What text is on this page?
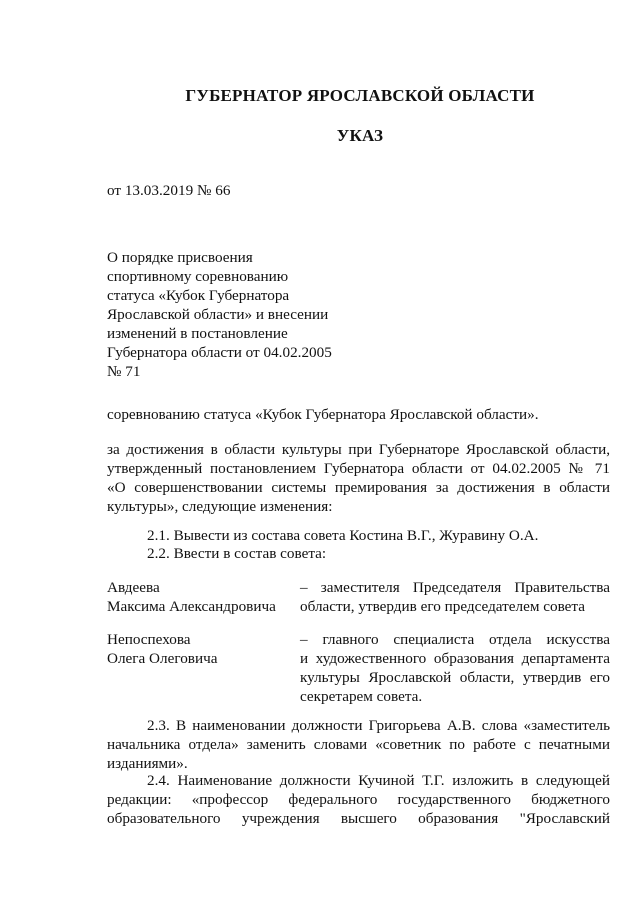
ГУБЕРНАТОР ЯРОСЛАВСКОЙ ОБЛАСТИ
УКАЗ
от 13.03.2019 № 66
О порядке присвоения
спортивному соревнованию
статуса «Кубок Губернатора
Ярославской области» и внесении
изменений в постановление
Губернатора области от 04.02.2005
№ 71
соревнованию статуса «Кубок Губернатора Ярославской области».
за достижения в области культуры при Губернаторе Ярославской области,
утвержденный постановлением Губернатора области от 04.02.2005 № 71
«О совершенствовании системы премирования за достижения в области
культуры», следующие изменения:
2.1. Вывести из состава совета Костина В.Г., Журавину О.А.
2.2. Ввести в состав совета:
Авдеева
Максима Александровича
– заместителя Председателя Правительства
области, утвердив его председателем совета
Непоспехова
Олега Олеговича
– главного специалиста отдела искусства
и художественного образования департамента
культуры Ярославской области, утвердив его
секретарем совета.
2.3. В наименовании должности Григорьева А.В. слова «заместитель
начальника отдела» заменить словами «советник по работе с печатными
изданиями».
2.4. Наименование должности Кучиной Т.Г. изложить в следующей
редакции: «профессор федерального государственного бюджетного
образовательного учреждения высшего образования "Ярославский
